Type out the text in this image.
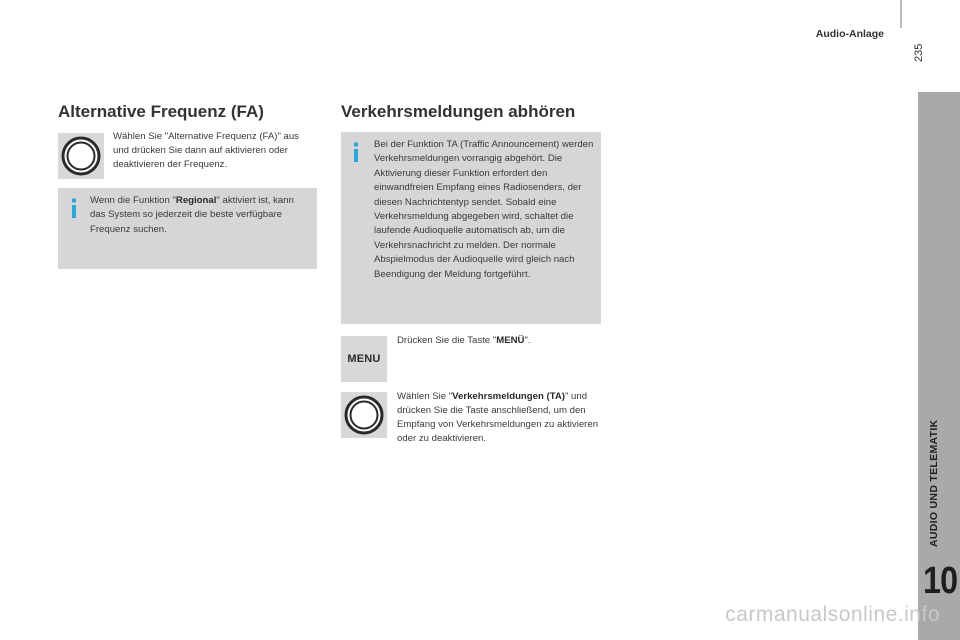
Audio-Anlage
235
AUDIO UND TELEMATIK
10
Alternative Frequenz (FA)

Wählen Sie "Alternative Frequenz (FA)" aus und drücken Sie dann auf aktivieren oder deaktivieren der Frequenz.

Wenn die Funktion "Regional" aktiviert ist, kann das System so jederzeit die beste verfügbare Frequenz suchen.

Verkehrsmeldungen abhören

Bei der Funktion TA (Traffic Announcement) werden Verkehrsmeldungen vorrangig abgehört. Die Aktivierung dieser Funktion erfordert den einwandfreien Empfang eines Radiosenders, der diesen Nachrichtentyp sendet. Sobald eine Verkehrsmeldung abgegeben wird, schaltet die laufende Audioquelle automatisch ab, um die Verkehrsnachricht zu melden. Der normale Abspielmodus der Audioquelle wird gleich nach Beendigung der Meldung fortgeführt.

MENU

Drücken Sie die Taste "MENÜ".

Wählen Sie "Verkehrsmeldungen (TA)" und drücken Sie die Taste anschließend, um den Empfang von Verkehrsmeldungen zu aktivieren oder zu deaktivieren.

carmanualsonline.info
